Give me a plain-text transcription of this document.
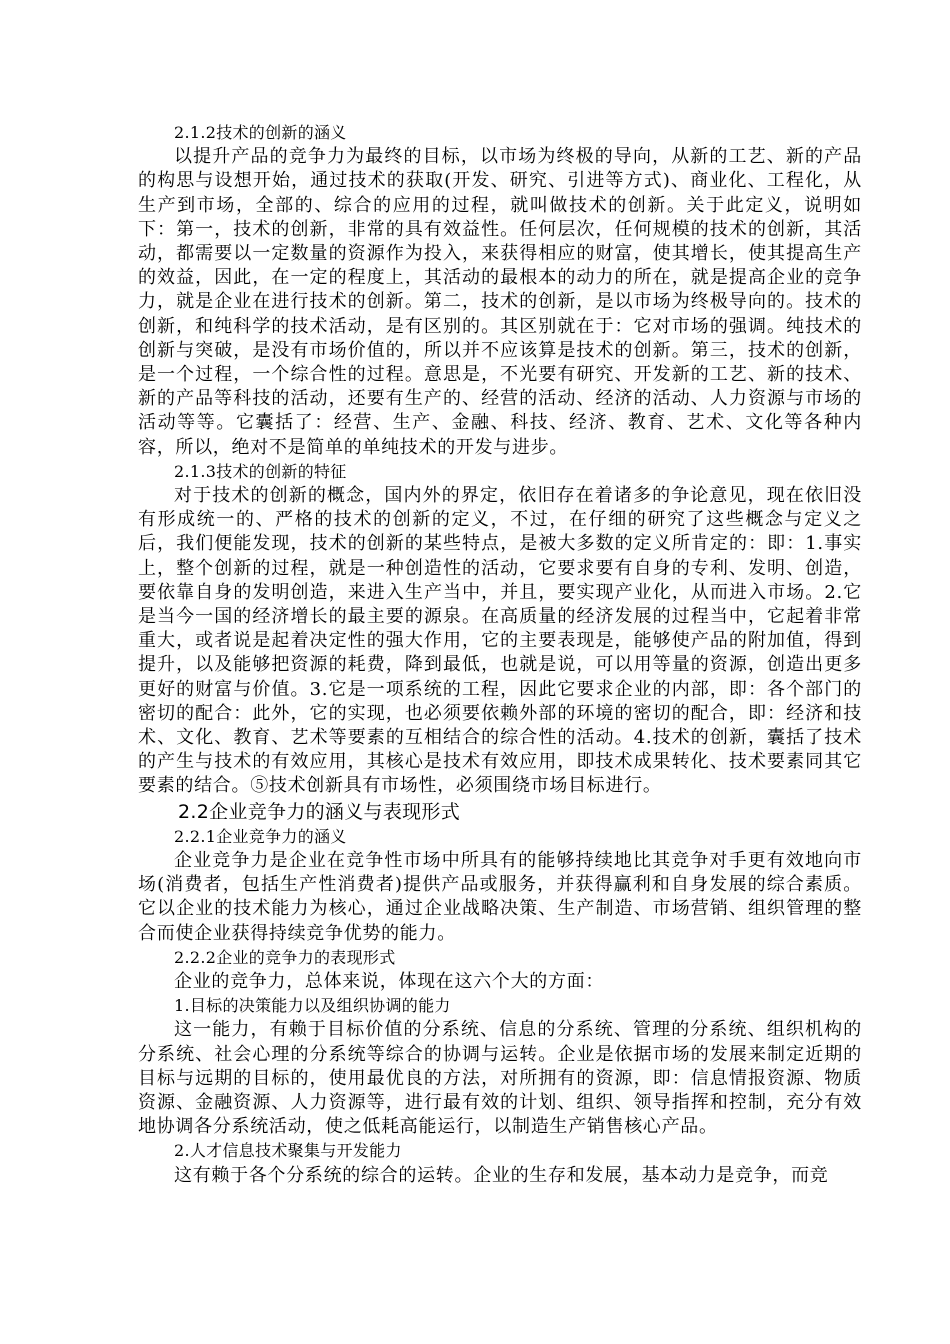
2.1.2技术的创新的涵义

以提升产品的竞争力为最终的目标，以市场为终极的导向，从新的工艺、新的产品的构思与设想开始，通过技术的获取(开发、研究、引进等方式)、商业化、工程化，从生产到市场，全部的、综合的应用的过程，就叫做技术的创新。关于此定义，说明如下：第一，技术的创新，非常的具有效益性。任何层次，任何规模的技术的创新，其活动，都需要以一定数量的资源作为投入，来获得相应的财富，使其增长，使其提高生产的效益，因此，在一定的程度上，其活动的最根本的动力的所在，就是提高企业的竞争力，就是企业在进行技术的创新。第二，技术的创新，是以市场为终极导向的。技术的创新，和纯科学的技术活动，是有区别的。其区别就在于：它对市场的强调。纯技术的创新与突破，是没有市场价值的，所以并不应该算是技术的创新。第三，技术的创新，是一个过程，一个综合性的过程。意思是，不光要有研究、开发新的工艺、新的技术、新的产品等科技的活动，还要有生产的、经营的活动、经济的活动、人力资源与市场的活动等等。它囊括了：经营、生产、金融、科技、经济、教育、艺术、文化等各种内容，所以，绝对不是简单的单纯技术的开发与进步。

2.1.3技术的创新的特征

对于技术的创新的概念，国内外的界定，依旧存在着诸多的争论意见，现在依旧没有形成统一的、严格的技术的创新的定义，不过，在仔细的研究了这些概念与定义之后，我们便能发现，技术的创新的某些特点，是被大多数的定义所肯定的：即：1.事实上，整个创新的过程，就是一种创造性的活动，它要求要有自身的专利、发明、创造，要依靠自身的发明创造，来进入生产当中，并且，要实现产业化，从而进入市场。2.它是当今一国的经济增长的最主要的源泉。在高质量的经济发展的过程当中，它起着非常重大，或者说是起着决定性的强大作用，它的主要表现是，能够使产品的附加值，得到提升，以及能够把资源的耗费，降到最低，也就是说，可以用等量的资源，创造出更多更好的财富与价值。3.它是一项系统的工程，因此它要求企业的内部，即：各个部门的密切的配合：此外，它的实现，也必须要依赖外部的环境的密切的配合，即：经济和技术、文化、教育、艺术等要素的互相结合的综合性的活动。4.技术的创新，囊括了技术的产生与技术的有效应用，其核心是技术有效应用，即技术成果转化、技术要素同其它要素的结合。⑤技术创新具有市场性，必须围绕市场目标进行。

2.2企业竞争力的涵义与表现形式

2.2.1企业竞争力的涵义

企业竞争力是企业在竞争性市场中所具有的能够持续地比其竞争对手更有效地向市场(消费者，包括生产性消费者)提供产品或服务，并获得赢利和自身发展的综合素质。它以企业的技术能力为核心，通过企业战略决策、生产制造、市场营销、组织管理的整合而使企业获得持续竞争优势的能力。

2.2.2企业的竞争力的表现形式

企业的竞争力，总体来说，体现在这六个大的方面：

1.目标的决策能力以及组织协调的能力

这一能力，有赖于目标价值的分系统、信息的分系统、管理的分系统、组织机构的分系统、社会心理的分系统等综合的协调与运转。企业是依据市场的发展来制定近期的目标与远期的目标的，使用最优良的方法，对所拥有的资源，即：信息情报资源、物质资源、金融资源、人力资源等，进行最有效的计划、组织、领导指挥和控制，充分有效地协调各分系统活动，使之低耗高能运行，以制造生产销售核心产品。

2.人才信息技术聚集与开发能力

这有赖于各个分系统的综合的运转。企业的生存和发展，基本动力是竞争，而竞
